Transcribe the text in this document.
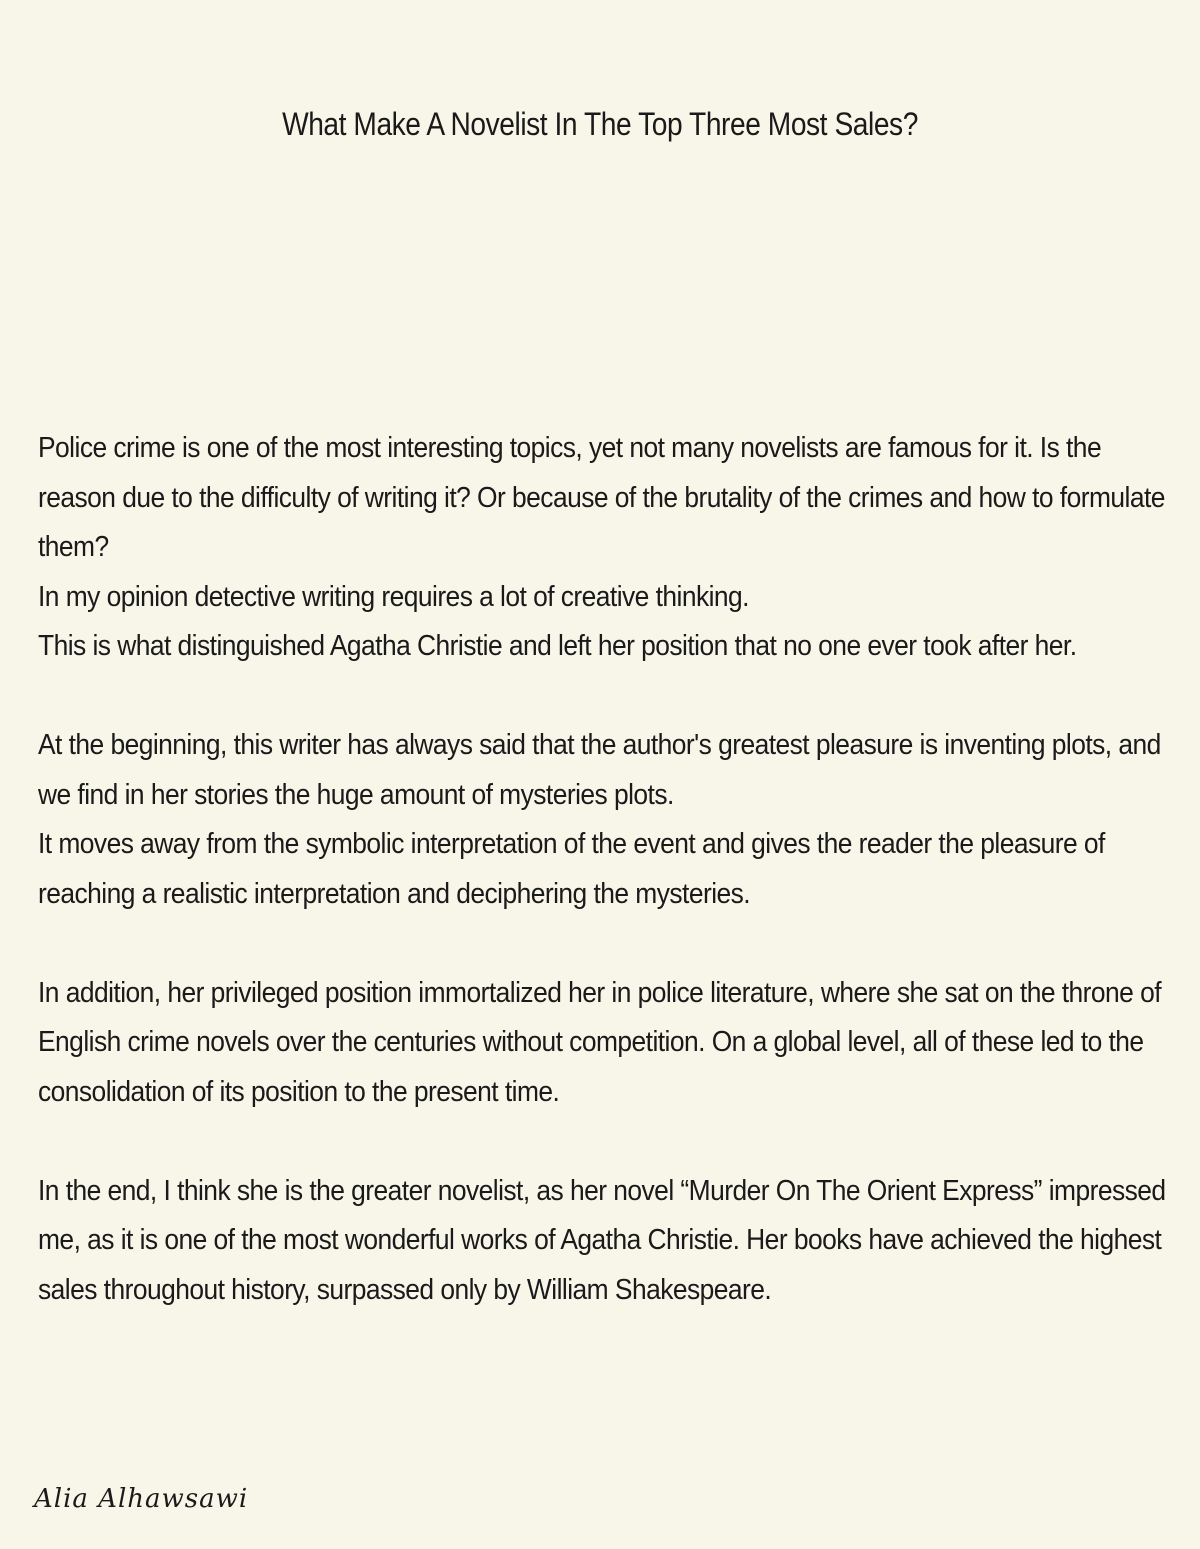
What Make A Novelist In The Top Three Most Sales?

Police crime is one of the most interesting topics, yet not many novelists are famous for it. Is the reason due to the difficulty of writing it? Or because of the brutality of the crimes and how to formulate them?

In my opinion detective writing requires a lot of creative thinking.

This is what distinguished Agatha Christie and left her position that no one ever took after her.

At the beginning, this writer has always said that the author's greatest pleasure is inventing plots, and we find in her stories the huge amount of mysteries plots.

It moves away from the symbolic interpretation of the event and gives the reader the pleasure of reaching a realistic interpretation and deciphering the mysteries.

In addition, her privileged position immortalized her in police literature, where she sat on the throne of English crime novels over the centuries without competition. On a global level, all of these led to the consolidation of its position to the present time.

In the end, I think she is the greater novelist, as her novel “Murder On The Orient Express” impressed me, as it is one of the most wonderful works of Agatha Christie. Her books have achieved the highest sales throughout history, surpassed only by William Shakespeare.

Alia Alhawsawi
